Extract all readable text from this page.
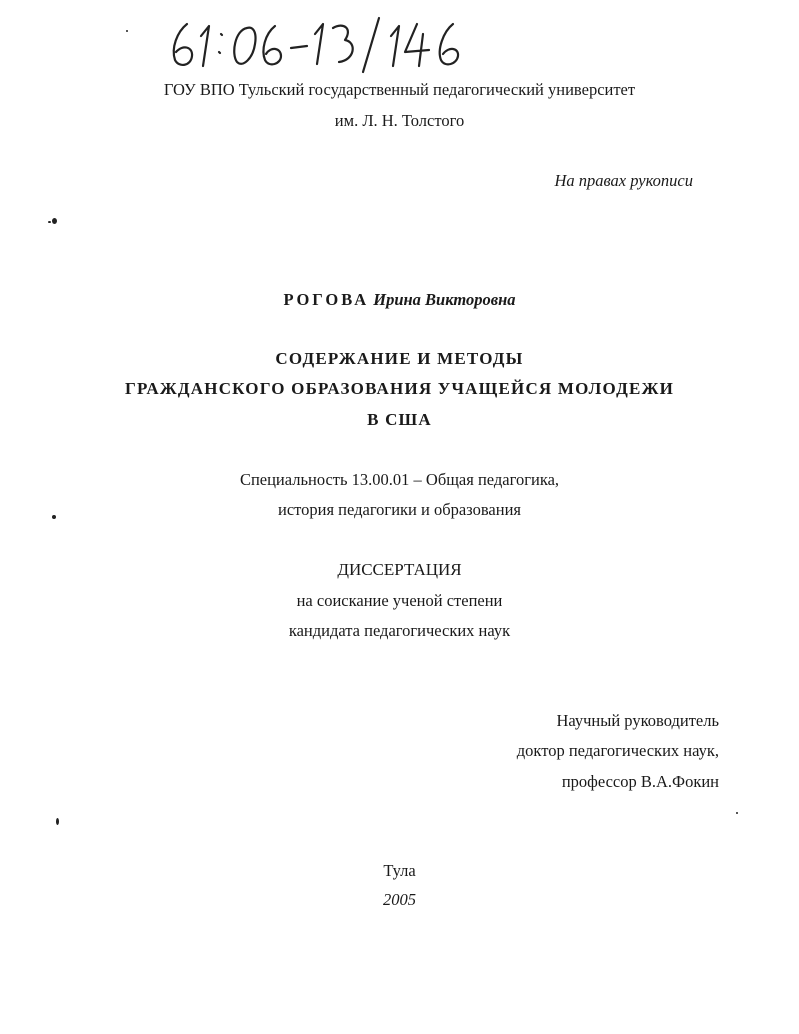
ГОУ ВПО Тульский государственный педагогический университет
им. Л. Н. Толстого
На правах рукописи
РОГОВА Ирина Викторовна
СОДЕРЖАНИЕ И МЕТОДЫ
ГРАЖДАНСКОГО ОБРАЗОВАНИЯ УЧАЩЕЙСЯ МОЛОДЕЖИ
В США
Специальность 13.00.01 – Общая педагогика,
история педагогики и образования
ДИССЕРТАЦИЯ
на соискание ученой степени
кандидата педагогических наук
Научный руководитель
доктор педагогических наук,
профессор В.А.Фокин
Тула
2005
